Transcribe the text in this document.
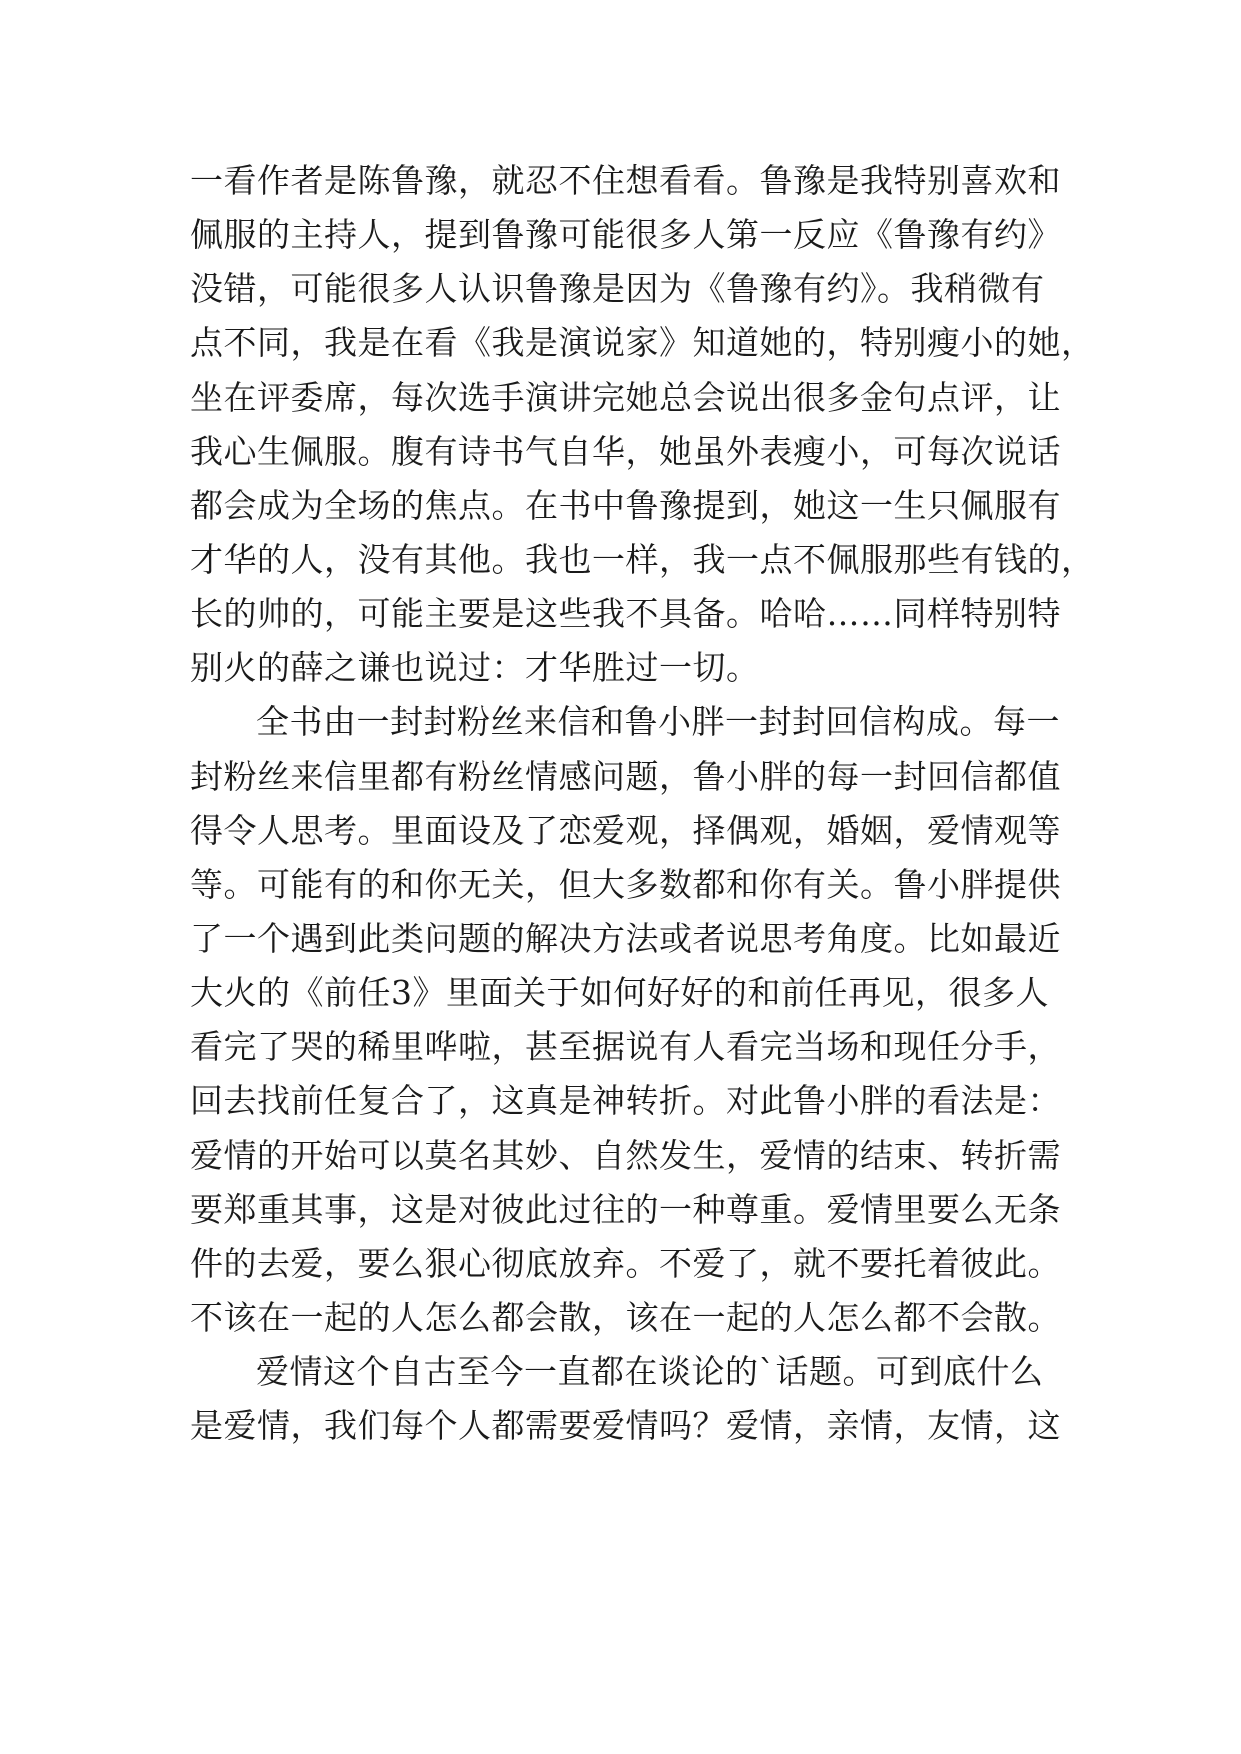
一看作者是陈鲁豫，就忍不住想看看。鲁豫是我特别喜欢和
佩服的主持人，提到鲁豫可能很多人第一反应《鲁豫有约》
没错，可能很多人认识鲁豫是因为《鲁豫有约》。我稍微有
点不同，我是在看《我是演说家》知道她的，特别瘦小的她，
坐在评委席，每次选手演讲完她总会说出很多金句点评，让
我心生佩服。腹有诗书气自华，她虽外表瘦小，可每次说话
都会成为全场的焦点。在书中鲁豫提到，她这一生只佩服有
才华的人，没有其他。我也一样，我一点不佩服那些有钱的，
长的帅的，可能主要是这些我不具备。哈哈……同样特别特
别火的薛之谦也说过：才华胜过一切。
全书由一封封粉丝来信和鲁小胖一封封回信构成。每一
封粉丝来信里都有粉丝情感问题，鲁小胖的每一封回信都值
得令人思考。里面设及了恋爱观，择偶观，婚姻，爱情观等
等。可能有的和你无关，但大多数都和你有关。鲁小胖提供
了一个遇到此类问题的解决方法或者说思考角度。比如最近
大火的《前任3》里面关于如何好好的和前任再见，很多人
看完了哭的稀里哗啦，甚至据说有人看完当场和现任分手，
回去找前任复合了，这真是神转折。对此鲁小胖的看法是：
爱情的开始可以莫名其妙、自然发生，爱情的结束、转折需
要郑重其事，这是对彼此过往的一种尊重。爱情里要么无条
件的去爱，要么狠心彻底放弃。不爱了，就不要托着彼此。
不该在一起的人怎么都会散，该在一起的人怎么都不会散。
爱情这个自古至今一直都在谈论的`话题。可到底什么
是爱情，我们每个人都需要爱情吗？爱情，亲情，友情，这
